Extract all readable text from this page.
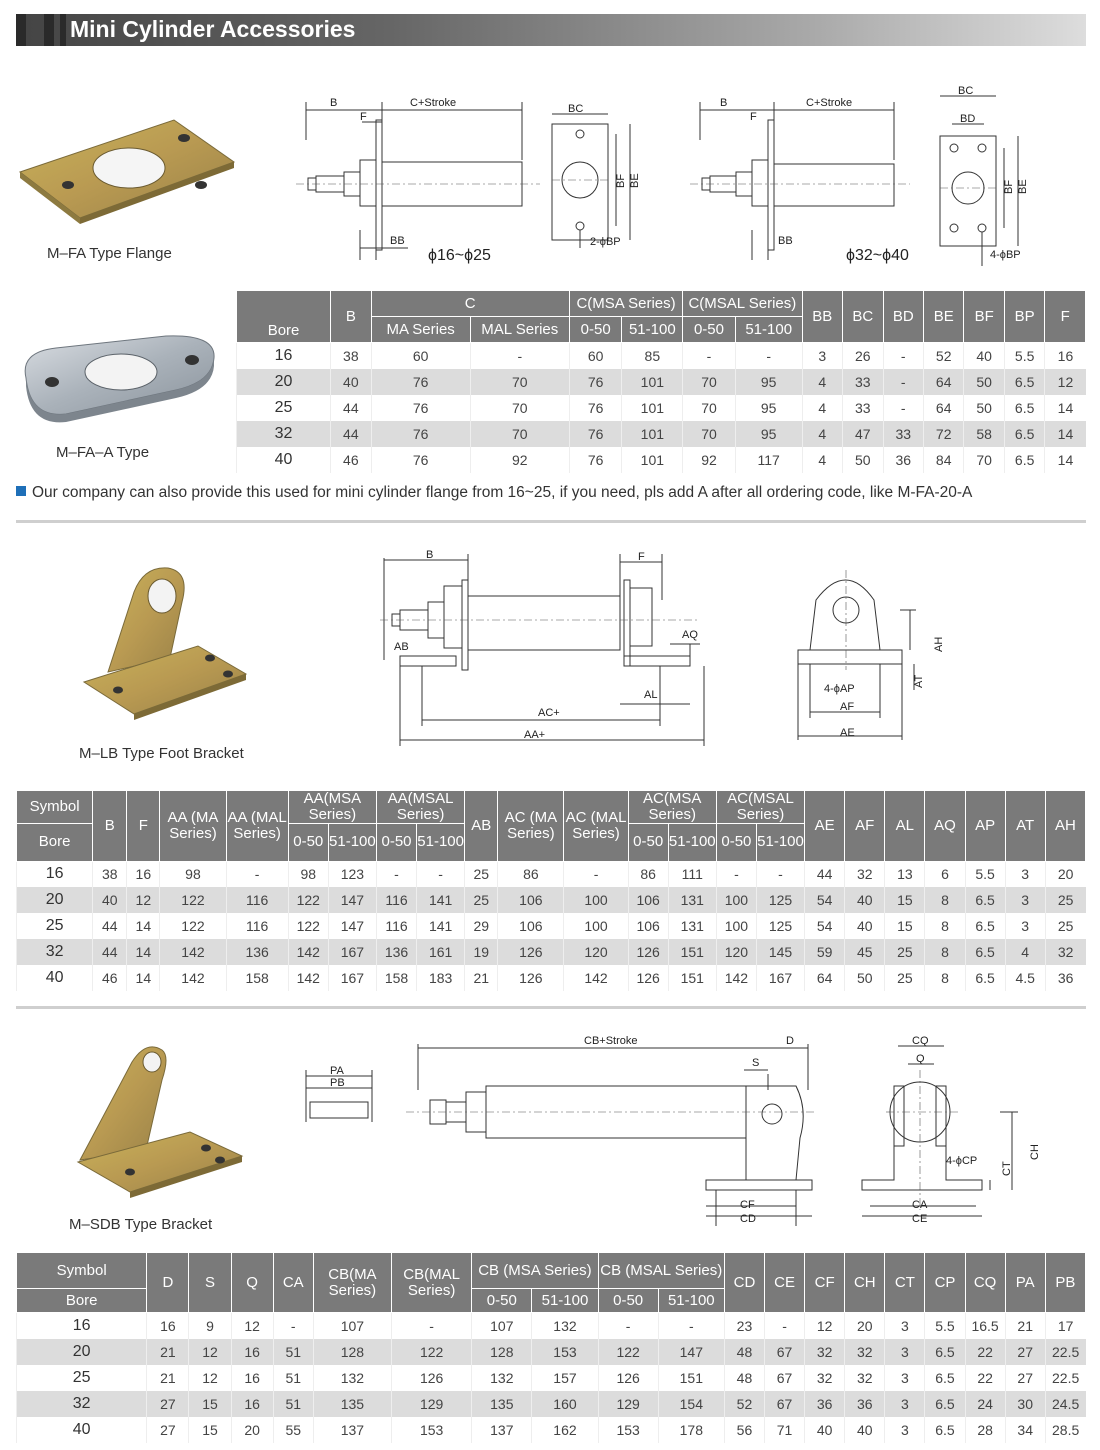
Mini Cylinder Accessories
M–FA Type Flange
M–FA–A Type
B	C+Stroke
F
BB
ϕ16~ϕ25
BC
BF BE
2-ϕBP
B	C+Stroke
F
BB
ϕ32~ϕ40
BC
BD
BF BE
4-ϕBP
Bore	B	C		C(MSA Series)		C(MSAL Series)		BB	BC	BD	BE	BF	BP	F
		MA Series	MAL Series	0-50	51-100	0-50	51-100							
16	38	60	-	60	85	-	-	3	26	-	52	40	5.5	16
20	40	76	70	76	101	70	95	4	33	-	64	50	6.5	12
25	44	76	70	76	101	70	95	4	33	-	64	50	6.5	14
32	44	76	70	76	101	70	95	4	47	33	72	58	6.5	14
40	46	76	92	76	101	92	117	4	50	36	84	70	6.5	14
Our company can also provide this used for mini cylinder flange from 16~25, if you need, pls add A after all ordering code, like M-FA-20-A
M–LB Type Foot Bracket
B	F
AB
AQ
AL
AC+
AA+
AH
AT
4-ϕAP
AF
AE
Symbol	B	F	AA (MA Series)	AA (MAL Series)	AA(MSA Series)		AA(MSAL Series)		AB	AC (MA Series)	AC (MAL Series)	AC(MSA Series)		AC(MSAL Series)		AE	AF	AL	AQ	AP	AT	AH
Bore					0-50	51-100	0-50	51-100				0-50	51-100	0-50	51-100							
16	38	16	98	-	98	123	-	-	25	86	-	86	111	-	-	44	32	13	6	5.5	3	20
20	40	12	122	116	122	147	116	141	25	106	100	106	131	100	125	54	40	15	8	6.5	3	25
25	44	14	122	116	122	147	116	141	29	106	100	106	131	100	125	54	40	15	8	6.5	3	25
32	44	14	142	136	142	167	136	161	19	126	120	126	151	120	145	59	45	25	8	6.5	4	32
40	46	14	142	158	142	167	158	183	21	126	142	126	151	142	167	64	50	25	8	6.5	4.5	36
M–SDB Type Bracket
PA
PB
CB+Stroke	D
S
CF
CD
CQ
Q
4-ϕCP
CT
CH
CA
CE
Symbol	D	S	Q	CA	CB(MA Series)	CB(MAL Series)	CB (MSA Series)		CB (MSAL Series)		CD	CE	CF	CH	CT	CP	CQ	PA	PB
Bore							0-50	51-100	0-50	51-100									
16	16	9	12	-	107	-	107	132	-	-	23	-	12	20	3	5.5	16.5	21	17
20	21	12	16	51	128	122	128	153	122	147	48	67	32	32	3	6.5	22	27	22.5
25	21	12	16	51	132	126	132	157	126	151	48	67	32	32	3	6.5	22	27	22.5
32	27	15	16	51	135	129	135	160	129	154	52	67	36	36	3	6.5	24	30	24.5
40	27	15	20	55	137	153	137	162	153	178	56	71	40	40	3	6.5	28	34	28.5
